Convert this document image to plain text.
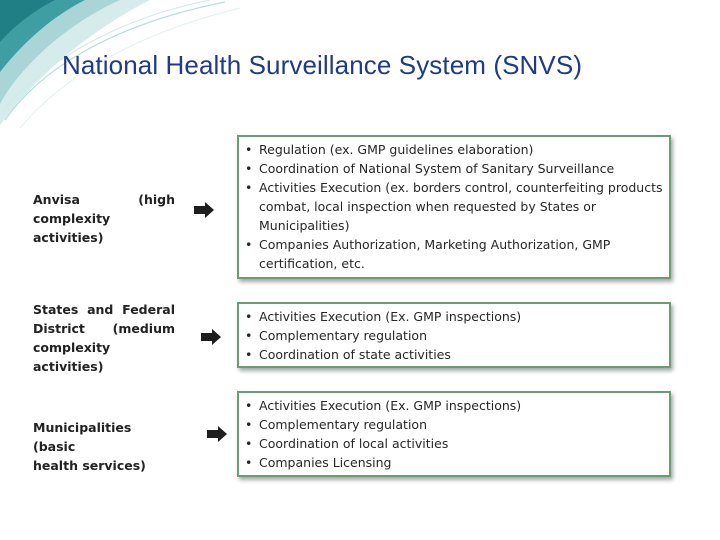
National Health Surveillance System (SNVS)
Anvisa (high
complexity activities)
• Regulation (ex. GMP guidelines elaboration)
• Coordination of National System of Sanitary Surveillance
• Activities Execution (ex. borders control, counterfeiting products combat, local inspection when requested by States or Municipalities)
• Companies Authorization, Marketing Authorization, GMP certification, etc.
States and Federal
District (medium
complexity activities)
• Activities Execution (Ex. GMP inspections)
• Complementary regulation
• Coordination of state activities
Municipalities (basic
health services)
• Activities Execution (Ex. GMP inspections)
• Complementary regulation
• Coordination of local activities
• Companies Licensing
